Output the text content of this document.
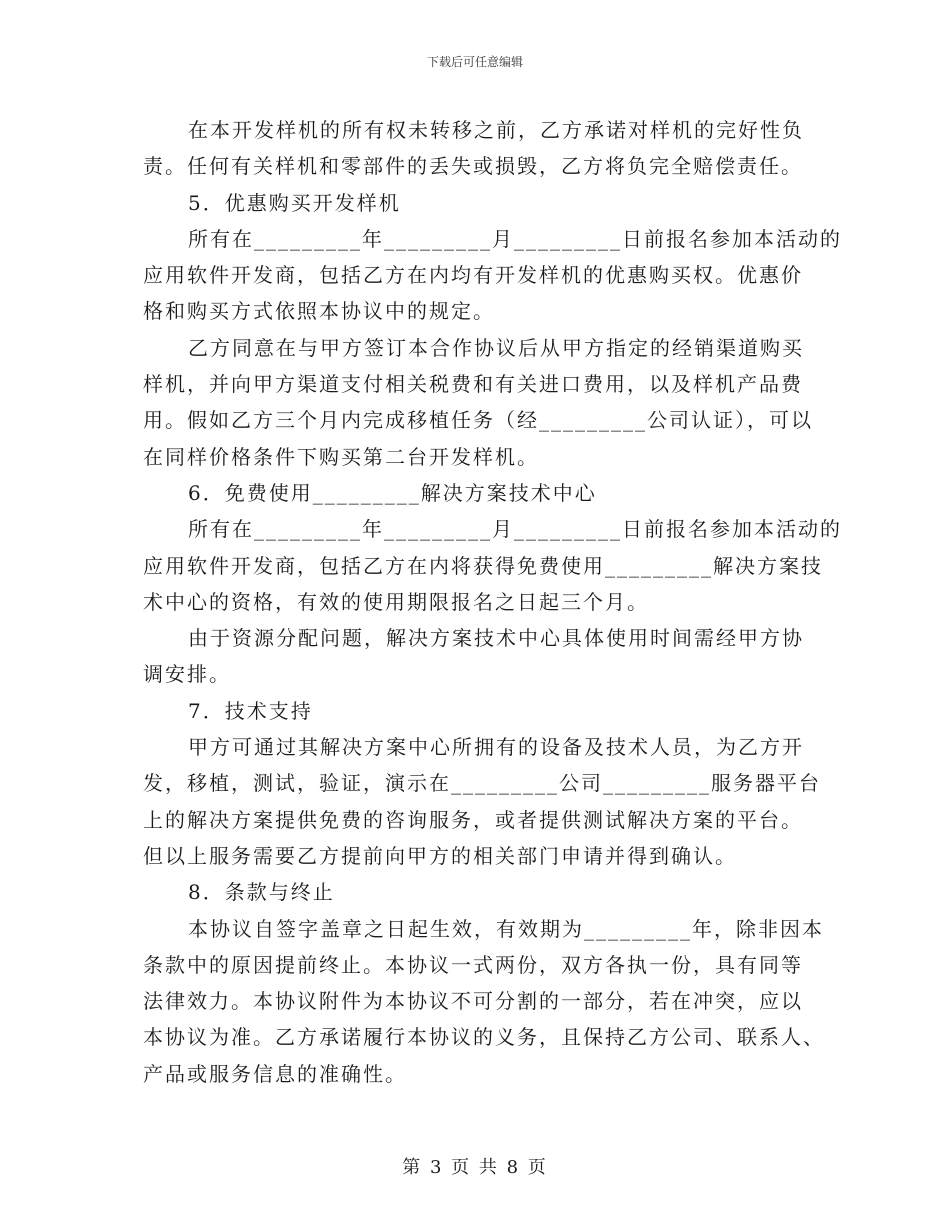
下载后可任意编辑
在本开发样机的所有权未转移之前，乙方承诺对样机的完好性负
责。任何有关样机和零部件的丢失或损毁，乙方将负完全赔偿责任。
5．优惠购买开发样机
所有在_________年_________月_________日前报名参加本活动的
应用软件开发商，包括乙方在内均有开发样机的优惠购买权。优惠价
格和购买方式依照本协议中的规定。
乙方同意在与甲方签订本合作协议后从甲方指定的经销渠道购买
样机，并向甲方渠道支付相关税费和有关进口费用，以及样机产品费
用。假如乙方三个月内完成移植任务（经_________公司认证），可以
在同样价格条件下购买第二台开发样机。
6．免费使用_________解决方案技术中心
所有在_________年_________月_________日前报名参加本活动的
应用软件开发商，包括乙方在内将获得免费使用_________解决方案技
术中心的资格，有效的使用期限报名之日起三个月。
由于资源分配问题，解决方案技术中心具体使用时间需经甲方协
调安排。
7．技术支持
甲方可通过其解决方案中心所拥有的设备及技术人员，为乙方开
发，移植，测试，验证，演示在_________公司_________服务器平台
上的解决方案提供免费的咨询服务，或者提供测试解决方案的平台。
但以上服务需要乙方提前向甲方的相关部门申请并得到确认。
8．条款与终止
本协议自签字盖章之日起生效，有效期为_________年，除非因本
条款中的原因提前终止。本协议一式两份，双方各执一份，具有同等
法律效力。本协议附件为本协议不可分割的一部分，若在冲突，应以
本协议为准。乙方承诺履行本协议的义务，且保持乙方公司、联系人、
产品或服务信息的准确性。
第 3 页 共 8 页
